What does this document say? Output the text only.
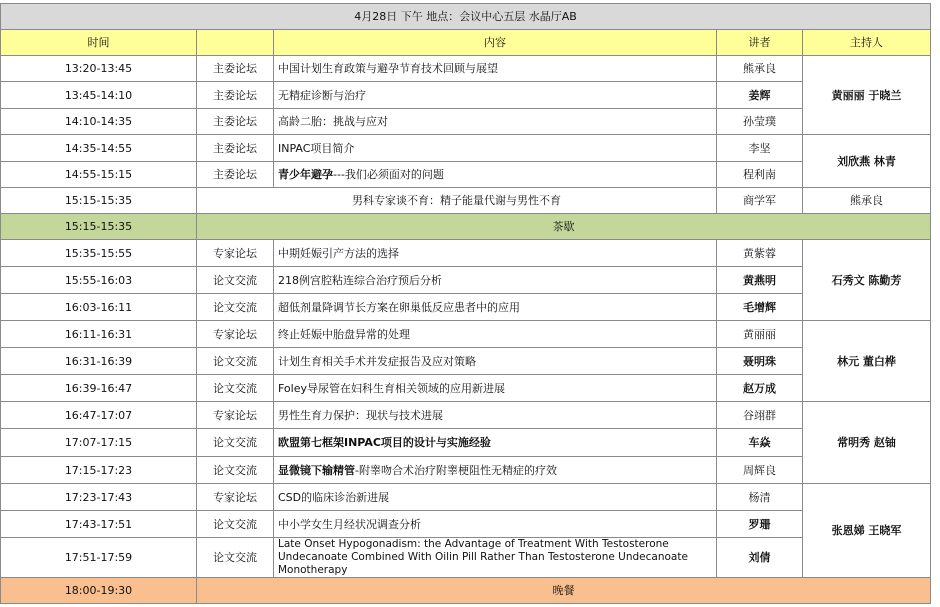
4月28日 下午 地点：会议中心五层 水晶厅AB				
时间		内容	讲者	主持人
13:20-13:45	主委论坛	中国计划生育政策与避孕节育技术回顾与展望	熊承良	黄丽丽 于晓兰
13:45-14:10	主委论坛	无精症诊断与治疗	姜辉	
14:10-14:35	主委论坛	高龄二胎：挑战与应对	孙莹璞	
14:35-14:55	主委论坛	INPAC项目简介	李坚	刘欣燕 林青
14:55-15:15	主委论坛	青少年避孕---我们必须面对的问题	程利南	
15:15-15:35	男科专家谈不育：精子能量代谢与男性不育		商学军	熊承良
15:15-15:35	茶歇			
15:35-15:55	专家论坛	中期妊娠引产方法的选择	黄紫蓉	石秀文 陈勤芳
15:55-16:03	论文交流	218例宫腔粘连综合治疗预后分析	黄燕明	
16:03-16:11	论文交流	超低剂量降调节长方案在卵巢低反应患者中的应用	毛增辉	
16:11-16:31	专家论坛	终止妊娠中胎盘异常的处理	黄丽丽	林元 董白桦
16:31-16:39	论文交流	计划生育相关手术并发症报告及应对策略	聂明珠	
16:39-16:47	论文交流	Foley导尿管在妇科生育相关领域的应用新进展	赵万成	
16:47-17:07	专家论坛	男性生育力保护：现状与技术进展	谷翊群	常明秀 赵铀
17:07-17:15	论文交流	欧盟第七框架INPAC项目的设计与实施经验	车焱	
17:15-17:23	论文交流	显微镜下输精管-附睾吻合术治疗附睾梗阻性无精症的疗效	周辉良	
17:23-17:43	专家论坛	CSD的临床诊治新进展	杨清	张恩娣 王晓军
17:43-17:51	论文交流	中小学女生月经状况调查分析	罗珊	
17:51-17:59	论文交流	Late Onset Hypogonadism: the Advantage of Treatment With Testosterone Undecanoate Combined With Oilin Pill Rather Than Testosterone Undecanoate Monotherapy	刘倩	
18:00-19:30	晚餐			
